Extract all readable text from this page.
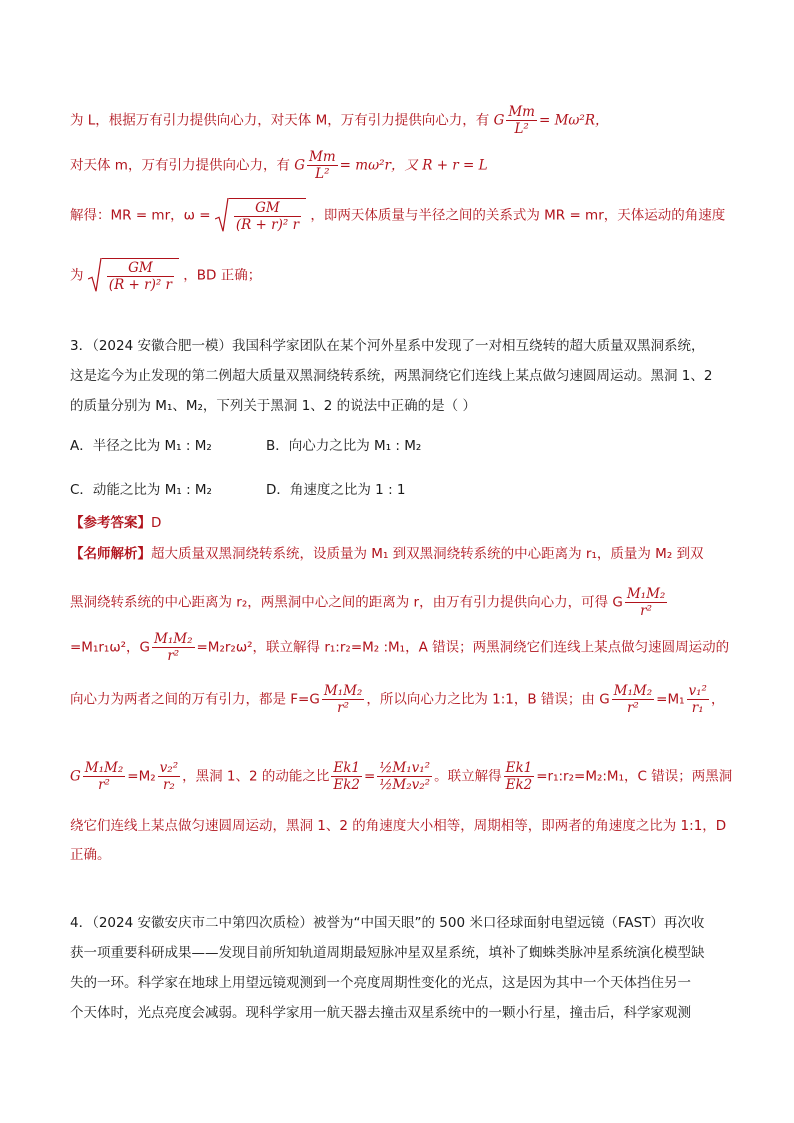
为 L，根据万有引力提供向心力，对天体 M，万有引力提供向心力，有 G $\frac{Mm}{\text{L²}} = M\omega^2R$，
对天体 m，万有引力提供向心力，有 G $\frac{Mm}{\text{L²}} = m\omega^2r$，又 R + r = L
解得：MR = mr，$\omega = \frac{GM}{\text{(R + r)² r}}$ ，即两天体质量与半径之间的关系式为 MR = mr，天体运动的角速度
为 $\frac{GM}{\text{(R + r)² r}}$ ，BD 正确；
3．（2024 安徽合肥一模）我国科学家团队在某个河外星系中发现了一对相互绕转的超大质量双黑洞系统，
这是迄今为止发现的第二例超大质量双黑洞绕转系统，两黑洞绕它们连线上某点做匀速圆周运动。黑洞 1、2
的质量分别为 M₁、M₂，下列关于黑洞 1、2 的说法中正确的是（ ）
A．半径之比为 M₁ : M₂	B．向心力之比为 M₁ : M₂
C．动能之比为 M₁ : M₂	D．角速度之比为 1 : 1
【参考答案】D
【名师解析】超大质量双黑洞绕转系统，设质量为 M₁ 到双黑洞绕转系统的中心距离为 r₁，质量为 M₂ 到双
黑洞绕转系统的中心距离为 r₂，两黑洞中心之间的距离为 r，由万有引力提供向心力，可得 G $\frac{\text{M₁M₂}}{\text{r²}}$
=M₁r₁ω²，G $\frac{\text{M₁M₂}}{\text{r²}} =M_2r_2\omega^2$，联立解得 r₁:r₂=M₂ :M₁，A 错误；两黑洞绕它们连线上某点做匀速圆周运动的
向心力为两者之间的万有引力，都是 $F=G \frac{\text{M₁M₂}}{\text{r²}}$ ，所以向心力之比为 1:1，B 错误；由 G $\frac{\text{M₁M₂}}{\text{r²}} =M_1 \frac{\text{v₁²}}{\text{r₁}}$ ，
G $\frac{\text{M₁M₂}}{\text{r²}} =M_2 \frac{\text{v₂²}}{\text{r₂}}$ ，黑洞 1、2 的动能之比 $\frac{Ek1}{Ek2} = \frac{\text{½M₁v₁²}}{\text{½M₂v₂²}}$ 。联立解得 $\frac{Ek1}{Ek2}$ =r₁:r₂=M₂:M₁，C 错误；两黑洞
绕它们连线上某点做匀速圆周运动，黑洞 1、2 的角速度大小相等，周期相等，即两者的角速度之比为 1:1，D
正确。
4．（2024 安徽安庆市二中第四次质检）被誉为“中国天眼”的 500 米口径球面射电望远镜（FAST）再次收
获一项重要科研成果——发现目前所知轨道周期最短脉冲星双星系统，填补了蜘蛛类脉冲星系统演化模型缺
失的一环。科学家在地球上用望远镜观测到一个亮度周期性变化的光点，这是因为其中一个天体挡住另一
个天体时，光点亮度会减弱。现科学家用一航天器去撞击双星系统中的一颗小行星，撞击后，科学家观测
